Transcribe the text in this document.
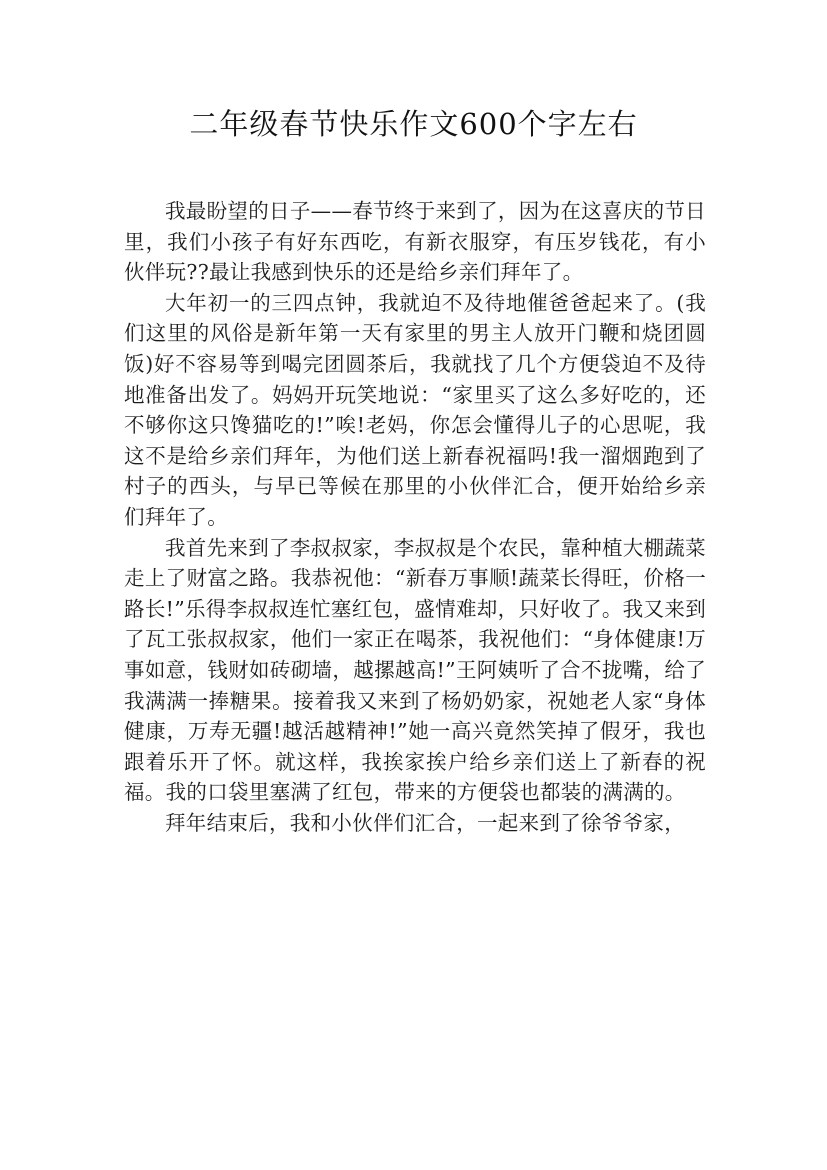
二年级春节快乐作文600个字左右

我最盼望的日子——春节终于来到了，因为在这喜庆的节日里，我们小孩子有好东西吃，有新衣服穿，有压岁钱花，有小伙伴玩??最让我感到快乐的还是给乡亲们拜年了。

大年初一的三四点钟，我就迫不及待地催爸爸起来了。(我们这里的风俗是新年第一天有家里的男主人放开门鞭和烧团圆饭)好不容易等到喝完团圆茶后，我就找了几个方便袋迫不及待地准备出发了。妈妈开玩笑地说：“家里买了这么多好吃的，还不够你这只馋猫吃的!”唉!老妈，你怎会懂得儿子的心思呢，我这不是给乡亲们拜年，为他们送上新春祝福吗!我一溜烟跑到了村子的西头，与早已等候在那里的小伙伴汇合，便开始给乡亲们拜年了。

我首先来到了李叔叔家，李叔叔是个农民，靠种植大棚蔬菜走上了财富之路。我恭祝他：“新春万事顺!蔬菜长得旺，价格一路长!”乐得李叔叔连忙塞红包，盛情难却，只好收了。我又来到了瓦工张叔叔家，他们一家正在喝茶，我祝他们：“身体健康!万事如意，钱财如砖砌墙，越摞越高!”王阿姨听了合不拢嘴，给了我满满一捧糖果。接着我又来到了杨奶奶家，祝她老人家“身体健康，万寿无疆!越活越精神!”她一高兴竟然笑掉了假牙，我也跟着乐开了怀。就这样，我挨家挨户给乡亲们送上了新春的祝福。我的口袋里塞满了红包，带来的方便袋也都装的满满的。

拜年结束后，我和小伙伴们汇合，一起来到了徐爷爷家，
